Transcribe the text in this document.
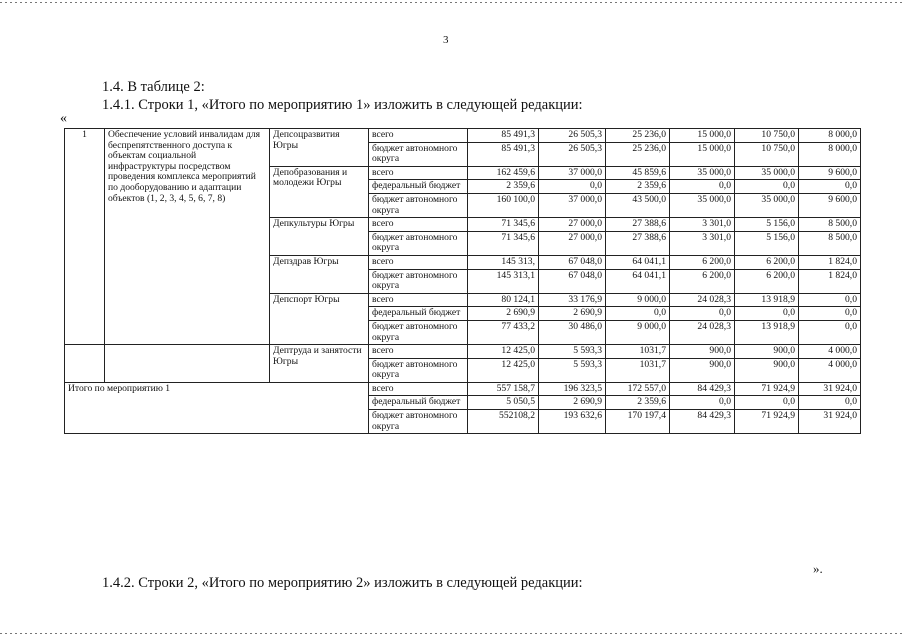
3
1.4. В таблице 2:
1.4.1. Строки 1, «Итого по мероприятию 1» изложить в следующей редакции:
«
1	Обеспечение условий инвалидам для беспрепятственного доступа к объектам социальной инфраструктуры посредством проведения комплекса мероприятий по дооборудованию и адаптации объектов (1, 2, 3, 4, 5, 6, 7, 8)	Депсоцразвития Югры	всего	85 491,3	26 505,3	25 236,0	15 000,0	10 750,0	8 000,0
			бюджет автономного округа	85 491,3	26 505,3	25 236,0	15 000,0	10 750,0	8 000,0
		Депобразования и молодежи Югры	всего	162 459,6	37 000,0	45 859,6	35 000,0	35 000,0	9 600,0
			федеральный бюджет	2 359,6	0,0	2 359,6	0,0	0,0	0,0
			бюджет автономного округа	160 100,0	37 000,0	43 500,0	35 000,0	35 000,0	9 600,0
		Депкультуры Югры	всего	71 345,6	27 000,0	27 388,6	3 301,0	5 156,0	8 500,0
			бюджет автономного округа	71 345,6	27 000,0	27 388,6	3 301,0	5 156,0	8 500,0
		Депздрав Югры	всего	145 313,	67 048,0	64 041,1	6 200,0	6 200,0	1 824,0
			бюджет автономного округа	145 313,1	67 048,0	64 041,1	6 200,0	6 200,0	1 824,0
		Депспорт Югры	всего	80 124,1	33 176,9	9 000,0	24 028,3	13 918,9	0,0
			федеральный бюджет	2 690,9	2 690,9	0,0	0,0	0,0	0,0
			бюджет автономного округа	77 433,2	30 486,0	9 000,0	24 028,3	13 918,9	0,0
		Дептруда и занятости Югры	всего	12 425,0	5 593,3	1031,7	900,0	900,0	4 000,0
			бюджет автономного округа	12 425,0	5 593,3	1031,7	900,0	900,0	4 000,0
Итого по мероприятию 1			всего	557 158,7	196 323,5	172 557,0	84 429,3	71 924,9	31 924,0
			федеральный бюджет	5 050,5	2 690,9	2 359,6	0,0	0,0	0,0
			бюджет автономного округа	552108,2	193 632,6	170 197,4	84 429,3	71 924,9	31 924,0
».
1.4.2. Строки 2, «Итого по мероприятию 2» изложить в следующей редакции:
